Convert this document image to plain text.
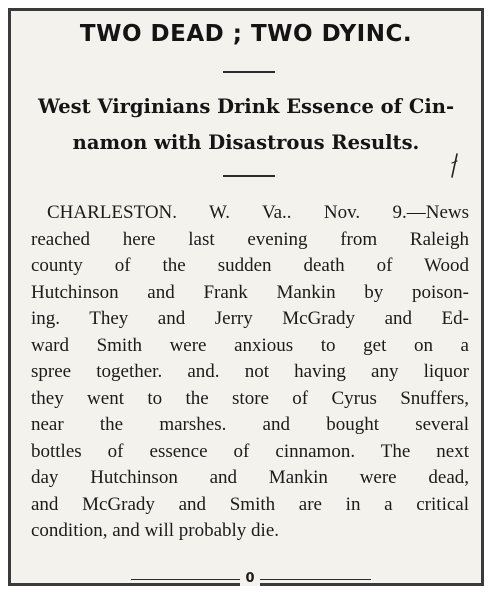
TWO DEAD ; TWO DYINC.
West Virginians Drink Essence of Cin-
namon with Disastrous Results.
CHARLESTON. W. Va.. Nov. 9.—News
reached here last evening from Raleigh
county of the sudden death of Wood
Hutchinson and Frank Mankin by poison-
ing. They and Jerry McGrady and Ed-
ward Smith were anxious to get on a
spree together. and. not having any liquor
they went to the store of Cyrus Snuffers,
near the marshes. and bought several
bottles of essence of cinnamon. The next
day Hutchinson and Mankin were dead,
and McGrady and Smith are in a critical
condition, and will probably die.
0
